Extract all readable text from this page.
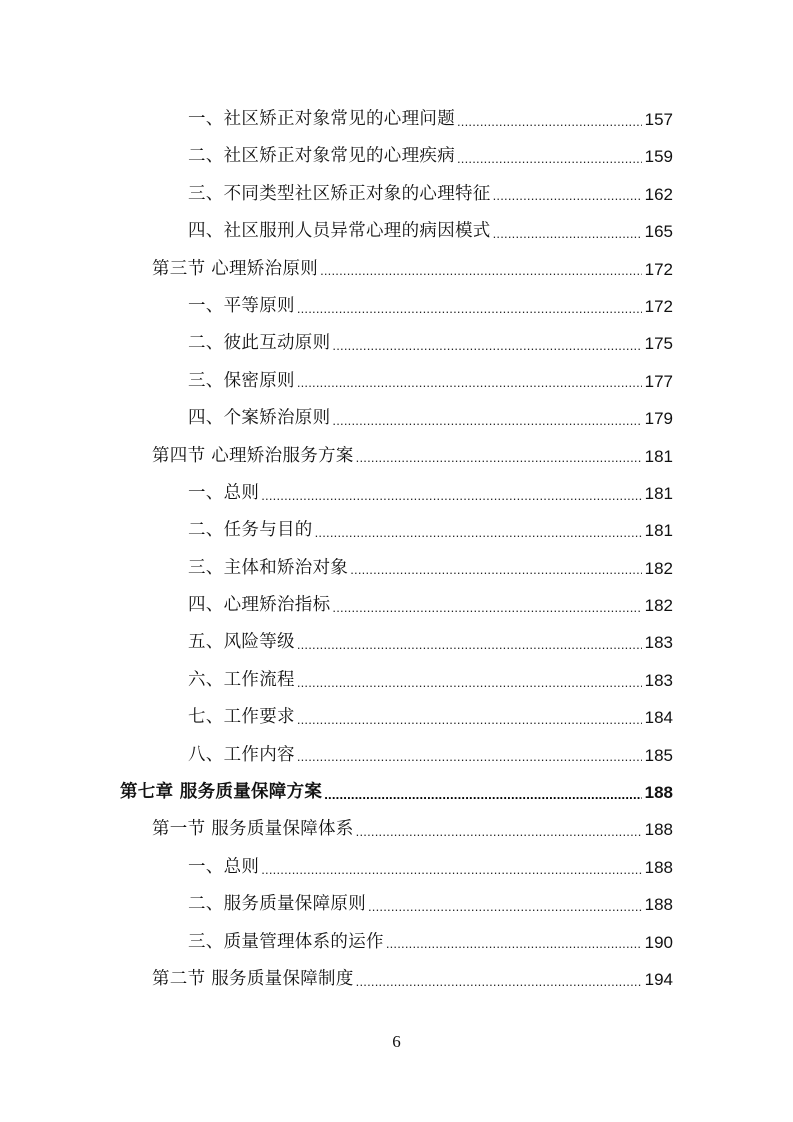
一、社区矫正对象常见的心理问题 .....	157
二、社区矫正对象常见的心理疾病 .....	159
三、不同类型社区矫正对象的心理特征 .....	162
四、社区服刑人员异常心理的病因模式 .....	165
第三节 心理矫治原则 .....	172
一、平等原则 .....	172
二、彼此互动原则 .....	175
三、保密原则 .....	177
四、个案矫治原则 .....	179
第四节 心理矫治服务方案 .....	181
一、总则 .....	181
二、任务与目的 .....	181
三、主体和矫治对象 .....	182
四、心理矫治指标 .....	182
五、风险等级 .....	183
六、工作流程 .....	183
七、工作要求 .....	184
八、工作内容 .....	185
第七章 服务质量保障方案 .....	188
第一节 服务质量保障体系 .....	188
一、总则 .....	188
二、服务质量保障原则 .....	188
三、质量管理体系的运作 .....	190
第二节 服务质量保障制度 .....	194
6
